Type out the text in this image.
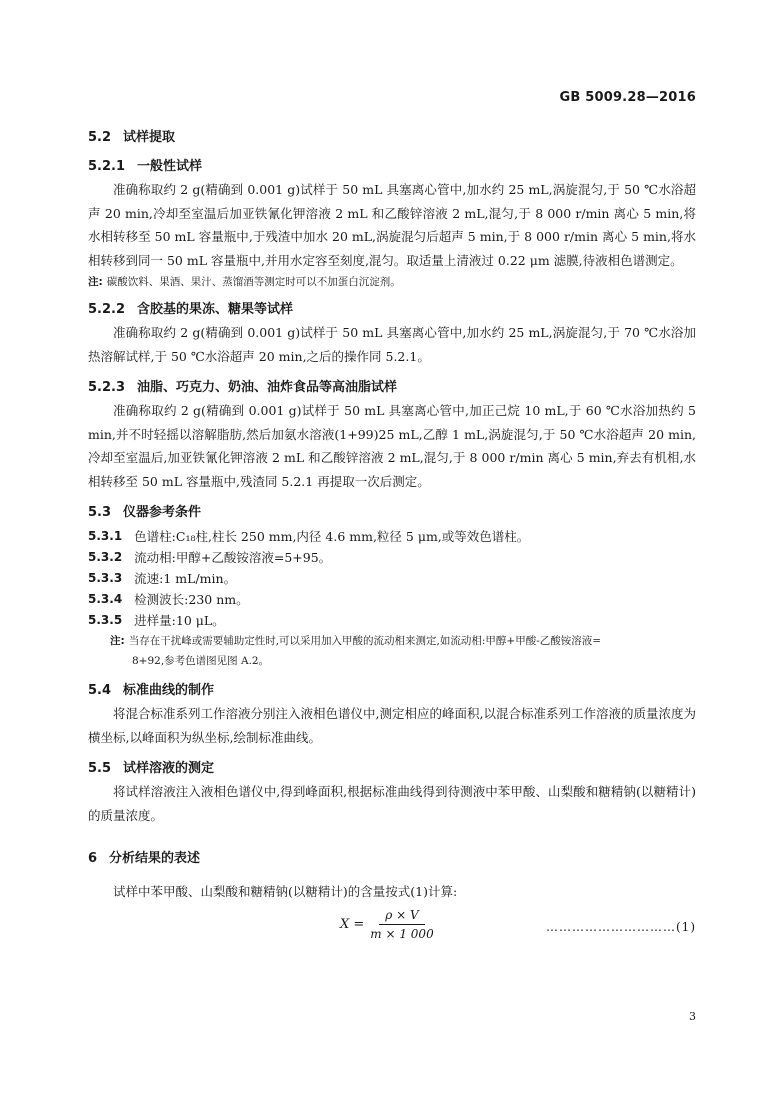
GB 5009.28—2016
5.2 试样提取
5.2.1 一般性试样
准确称取约 2 g(精确到 0.001 g)试样于 50 mL 具塞离心管中,加水约 25 mL,涡旋混匀,于 50 ℃水浴超声 20 min,冷却至室温后加亚铁氰化钾溶液 2 mL 和乙酸锌溶液 2 mL,混匀,于 8 000 r/min 离心 5 min,将水相转移至 50 mL 容量瓶中,于残渣中加水 20 mL,涡旋混匀后超声 5 min,于 8 000 r/min 离心 5 min,将水相转移到同一 50 mL 容量瓶中,并用水定容至刻度,混匀。取适量上清液过 0.22 μm 滤膜,待液相色谱测定。
注: 碳酸饮料、果酒、果汁、蒸馏酒等测定时可以不加蛋白沉淀剂。
5.2.2 含胶基的果冻、糖果等试样
准确称取约 2 g(精确到 0.001 g)试样于 50 mL 具塞离心管中,加水约 25 mL,涡旋混匀,于 70 ℃水浴加热溶解试样,于 50 ℃水浴超声 20 min,之后的操作同 5.2.1。
5.2.3 油脂、巧克力、奶油、油炸食品等高油脂试样
准确称取约 2 g(精确到 0.001 g)试样于 50 mL 具塞离心管中,加正己烷 10 mL,于 60 ℃水浴加热约 5 min,并不时轻摇以溶解脂肪,然后加氨水溶液(1+99)25 mL,乙醇 1 mL,涡旋混匀,于 50 ℃水浴超声 20 min,冷却至室温后,加亚铁氰化钾溶液 2 mL 和乙酸锌溶液 2 mL,混匀,于 8 000 r/min 离心 5 min,弃去有机相,水相转移至 50 mL 容量瓶中,残渣同 5.2.1 再提取一次后测定。
5.3 仪器参考条件
5.3.1 色谱柱:C₁₈柱,柱长 250 mm,内径 4.6 mm,粒径 5 μm,或等效色谱柱。
5.3.2 流动相:甲醇+乙酸铵溶液=5+95。
5.3.3 流速:1 mL/min。
5.3.4 检测波长:230 nm。
5.3.5 进样量:10 μL。
注: 当存在干扰峰或需要辅助定性时,可以采用加入甲酸的流动相来测定,如流动相:甲醇+甲酸-乙酸铵溶液=
8+92,参考色谱图见图 A.2。
5.4 标准曲线的制作
将混合标准系列工作溶液分别注入液相色谱仪中,测定相应的峰面积,以混合标准系列工作溶液的质量浓度为横坐标,以峰面积为纵坐标,绘制标准曲线。
5.5 试样溶液的测定
将试样溶液注入液相色谱仪中,得到峰面积,根据标准曲线得到待测液中苯甲酸、山梨酸和糖精钠(以糖精计)的质量浓度。
6 分析结果的表述
试样中苯甲酸、山梨酸和糖精钠(以糖精计)的含量按式(1)计算:
$X = \frac{\rho \times V}{m \times 1 000}$	…………………………(1)
3
